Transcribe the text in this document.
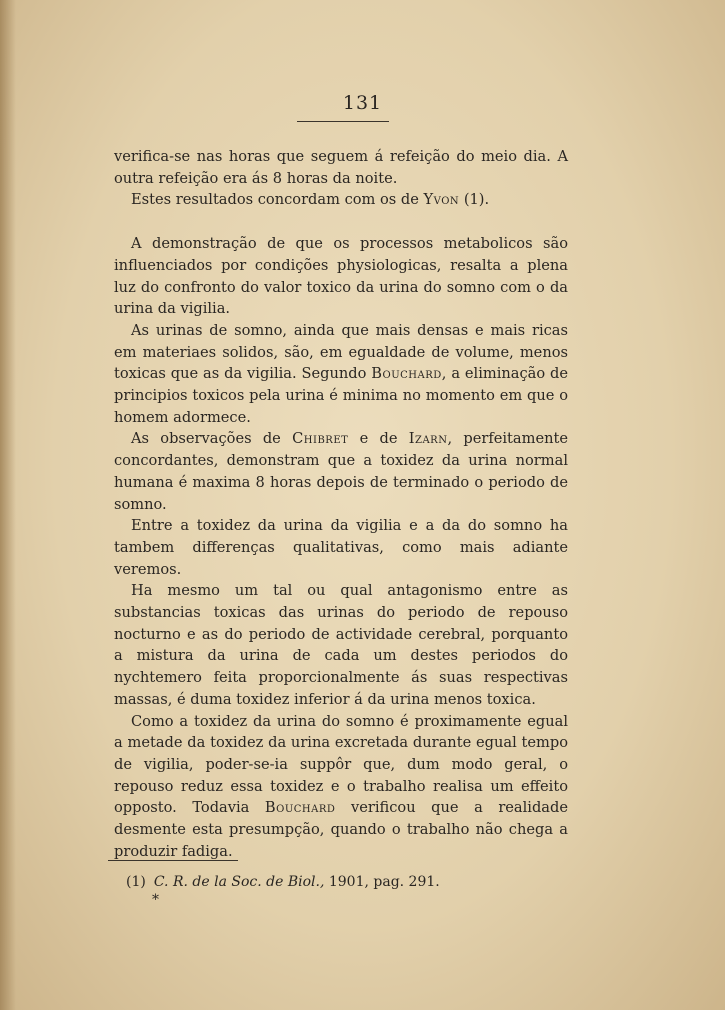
131

verifica-se nas horas que seguem á refeição do meio dia. A outra refeição era ás 8 horas da noite.

Estes resultados concordam com os de Yvon (1).

A demonstração de que os processos metabolicos são influenciados por condições physiologicas, resalta a plena luz do confronto do valor toxico da urina do somno com o da urina da vigilia.

As urinas de somno, ainda que mais densas e mais ricas em materiaes solidos, são, em egualdade de volume, menos toxicas que as da vigilia. Segundo Bouchard, a eliminação de principios toxicos pela urina é minima no momento em que o homem adormece.

As observações de Chibret e de Izarn, perfeitamente concordantes, demonstram que a toxidez da urina normal humana é maxima 8 horas depois de terminado o periodo de somno.

Entre a toxidez da urina da vigilia e a da do somno ha tambem differenças qualitativas, como mais adiante veremos.

Ha mesmo um tal ou qual antagonismo entre as substancias toxicas das urinas do periodo de repouso nocturno e as do periodo de actividade cerebral, porquanto a mistura da urina de cada um destes periodos do nychtemero feita proporcionalmente ás suas respectivas massas, é duma toxidez inferior á da urina menos toxica.

Como a toxidez da urina do somno é proximamente egual a metade da toxidez da urina excretada durante egual tempo de vigilia, poder-se-ia suppôr que, dum modo geral, o repouso reduz essa toxidez e o trabalho realisa um effeito opposto. Todavia Bouchard verificou que a realidade desmente esta presumpção, quando o trabalho não chega a produzir fadiga.

(1) C. R. de la Soc. de Biol., 1901, pag. 291.
*
